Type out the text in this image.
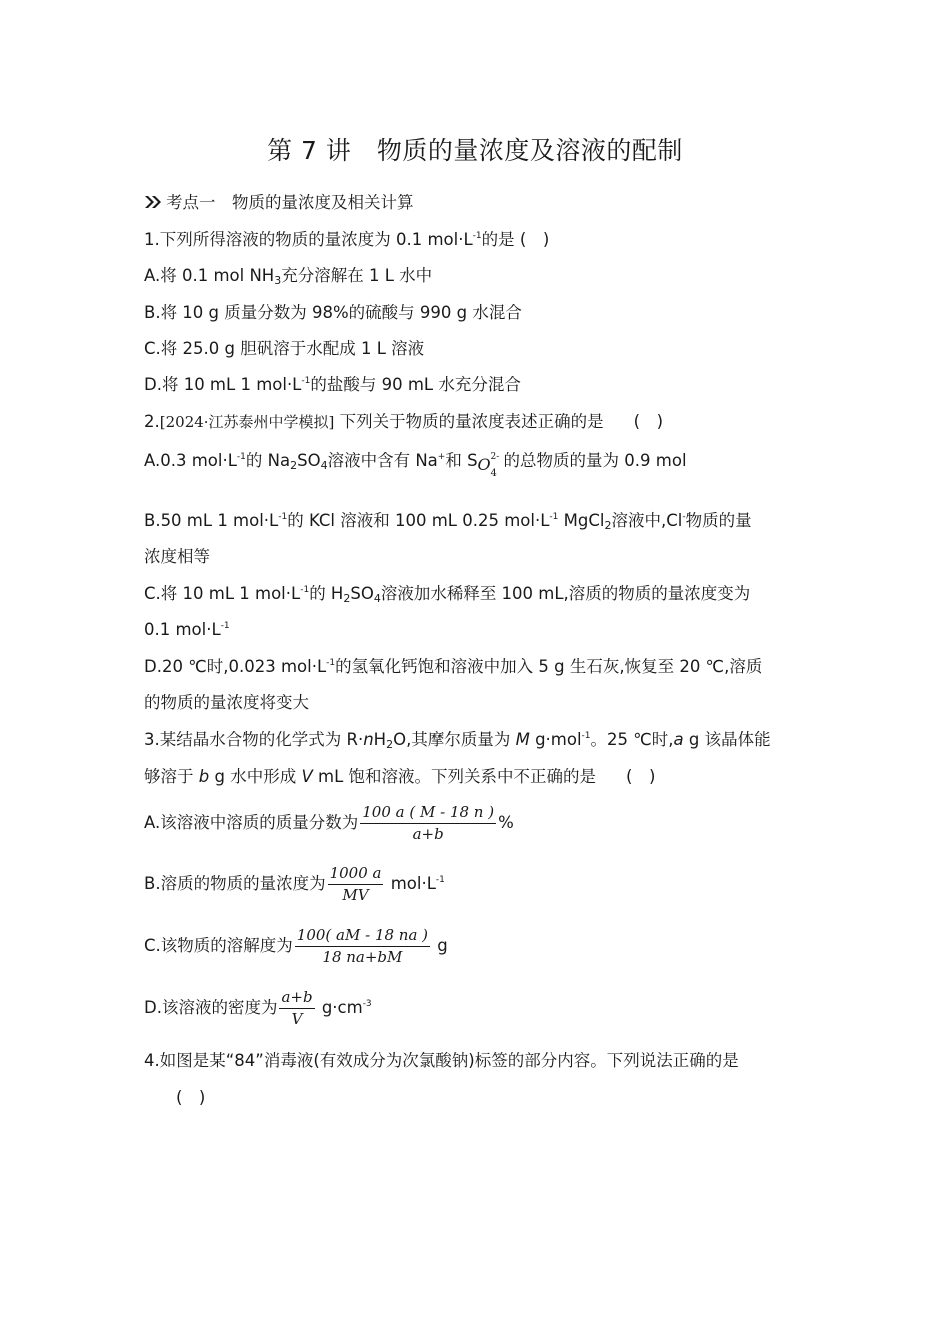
第 7 讲　物质的量浓度及溶液的配制
考点一　物质的量浓度及相关计算
1.下列所得溶液的物质的量浓度为 0.1 $mol\cdot L^{-1}$的是 (　)
A.将 0.1 mol $NH_3$充分溶解在 1 L 水中
B.将 10 g 质量分数为 98%的硫酸与 990 g 水混合
C.将 25.0 g 胆矾溶于水配成 1 L 溶液
D.将 10 mL 1 $mol\cdot L^{-1}$的盐酸与 90 mL 水充分混合
2.[2024·江苏泰州中学模拟] 下列关于物质的量浓度表述正确的是 (　)
A.0.3 $mol\cdot L^{-1}$的 $Na_2SO_4$溶液中含有 Na+和 S O 2-
4
的总物质的量为 0.9 mol
B.50 mL 1 $mol\cdot L^{-1}$的 KCl 溶液和 100 mL 0.25 $mol\cdot L^{-1}$ MgCl$_2$溶液中,Cl-物质的量
浓度相等
C.将 10 mL 1 $mol\cdot L^{-1}$的 $H_2SO_4$溶液加水稀释至 100 mL,溶质的物质的量浓度变为
0.1 $mol\cdot L^{-1}$
D.20 ℃时,0.023 $mol\cdot L^{-1}$的氢氧化钙饱和溶液中加入 5 g 生石灰,恢复至 20 ℃,溶质
的物质的量浓度将变大
3.某结晶水合物的化学式为 $R\cdot nH_2O$,其摩尔质量为 M g·mol$^{-1}$。25 ℃时,a g 该晶体能
够溶于 b g 水中形成 V mL 饱和溶液。下列关系中不正确的是 (　)
A.该溶液中溶质的质量分数为 $\frac{100 a ( M - 18 n )}{a+b}$ %
B.溶质的物质的量浓度为 $\frac{1000 a}{MV} mol\cdot L^{-1}$
C.该物质的溶解度为 $\frac{100( aM - 18 na )}{18 na+bM}$ g
D.该溶液的密度为 $\frac{a+b}{V} g\cdot cm^{-3}$
4.如图是某“84”消毒液(有效成分为次氯酸钠)标签的部分内容。下列说法正确的是
(　)
